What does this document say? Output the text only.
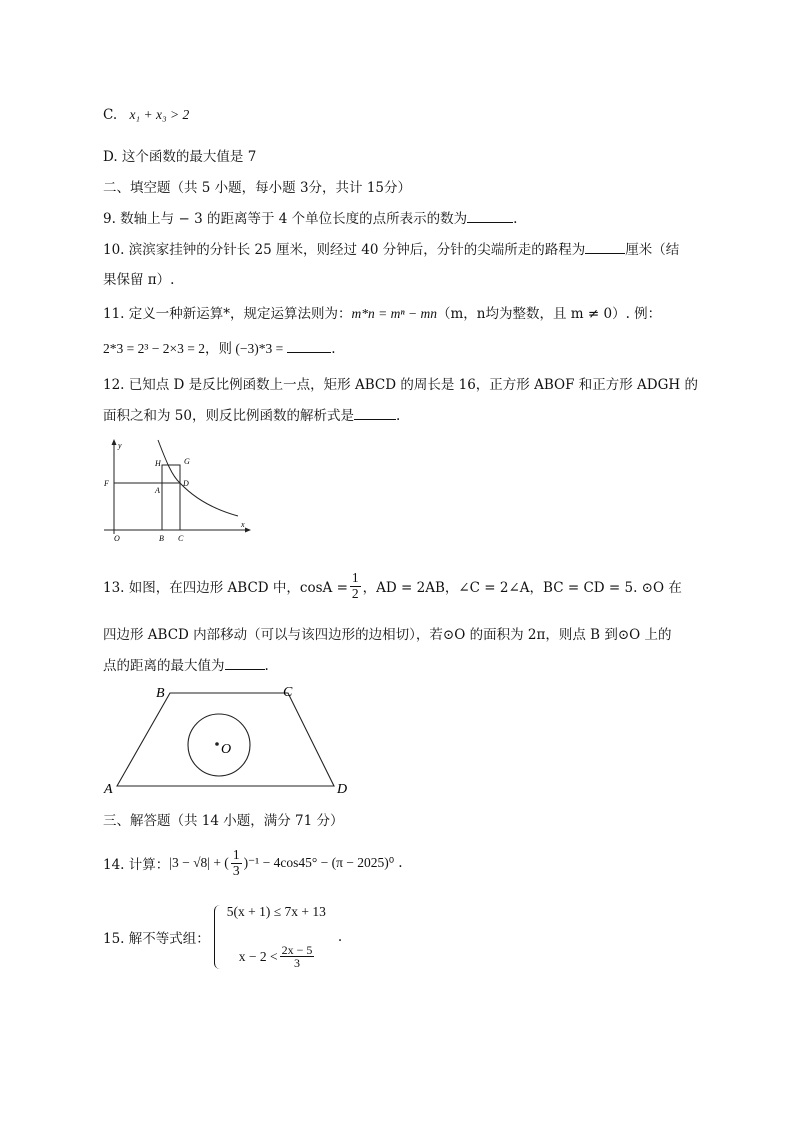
C. x₁ + x₃ > 2
D. 这个函数的最大值是 7
二、填空题（共 5 小题，每小题 3分，共计 15分）
9. 数轴上与 − 3 的距离等于 4 个单位长度的点所表示的数为	.
10. 滨滨家挂钟的分针长 25 厘米，则经过 40 分钟后，分针的尖端所走的路程为	厘米（结
果保留 π）.
11. 定义一种新运算*，规定运算法则为：m*n = mⁿ − mn（m，n均为整数，且 m ≠ 0）. 例：
2*3 = 2³ − 2×3 = 2，则 (−3)*3 =	.
12. 已知点 D 是反比例函数上一点，矩形 ABCD 的周长是 16，正方形 ABOF 和正方形 ADGH 的
面积之和为 50，则反比例函数的解析式是	.
y
x
O	B C
F
A
D
H	G
13. 如图，在四边形 ABCD 中，$\cos A = \frac{1}{2}$ ，AD = 2AB，∠C = 2∠A，BC = CD = 5. ⊙O 在
四边形 ABCD 内部移动（可以与该四边形的边相切），若⊙O 的面积为 2π，则点 B 到⊙O 上的
点的距离的最大值为	.
A
B	C
D
O
三、解答题（共 14 小题，满分 71 分）
14. 计算： |3 − √8| + ( $\frac{1}{3} )^{-1} - 4\cos 45^\circ - (\pi - 2025)^0$ .
15. 解不等式组：
5(x + 1) ≤ 7x + 13
$x - 2 < \frac{2x - 5}{3}$
.
